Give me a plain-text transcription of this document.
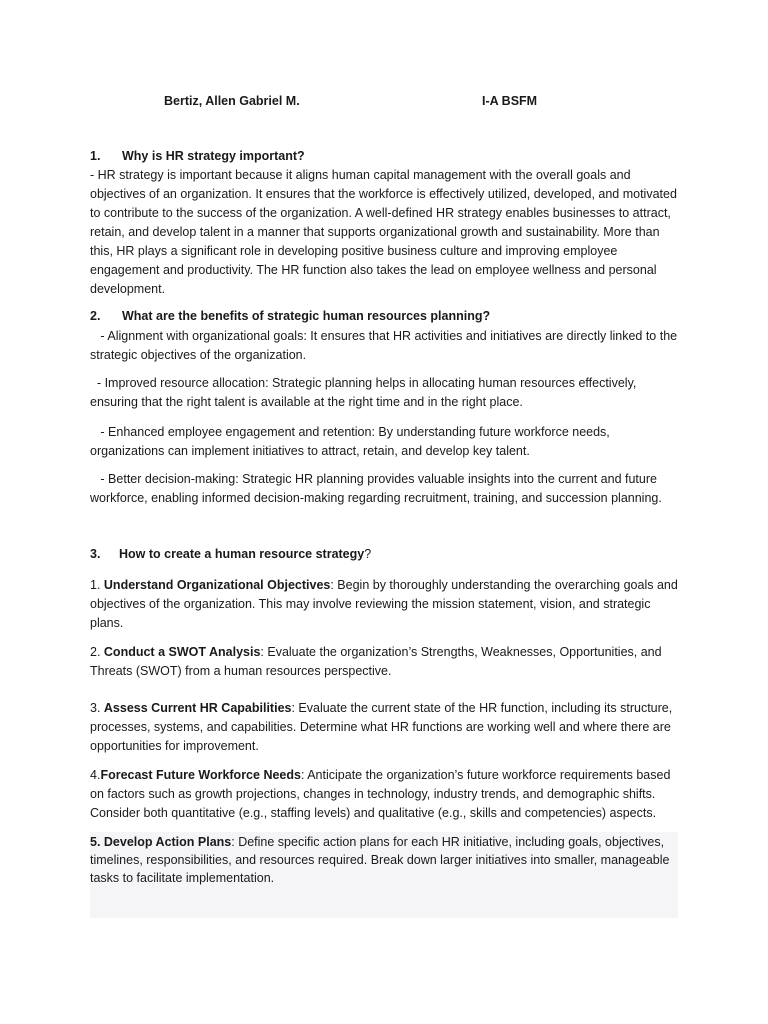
Bertiz, Allen Gabriel M.	I-A BSFM

1. Why is HR strategy important?

- HR strategy is important because it aligns human capital management with the overall goals and objectives of an organization. It ensures that the workforce is effectively utilized, developed, and motivated to contribute to the success of the organization. A well-defined HR strategy enables businesses to attract, retain, and develop talent in a manner that supports organizational growth and sustainability. More than this, HR plays a significant role in developing positive business culture and improving employee engagement and productivity. The HR function also takes the lead on employee wellness and personal development.

2. What are the benefits of strategic human resources planning?

- Alignment with organizational goals: It ensures that HR activities and initiatives are directly linked to the strategic objectives of the organization.

- Improved resource allocation: Strategic planning helps in allocating human resources effectively, ensuring that the right talent is available at the right time and in the right place.

- Enhanced employee engagement and retention: By understanding future workforce needs, organizations can implement initiatives to attract, retain, and develop key talent.

- Better decision-making: Strategic HR planning provides valuable insights into the current and future workforce, enabling informed decision-making regarding recruitment, training, and succession planning.

3. How to create a human resource strategy?

1. Understand Organizational Objectives: Begin by thoroughly understanding the overarching goals and objectives of the organization. This may involve reviewing the mission statement, vision, and strategic plans.

2. Conduct a SWOT Analysis: Evaluate the organization’s Strengths, Weaknesses, Opportunities, and Threats (SWOT) from a human resources perspective.

3. Assess Current HR Capabilities: Evaluate the current state of the HR function, including its structure, processes, systems, and capabilities. Determine what HR functions are working well and where there are opportunities for improvement.

4.Forecast Future Workforce Needs: Anticipate the organization’s future workforce requirements based on factors such as growth projections, changes in technology, industry trends, and demographic shifts. Consider both quantitative (e.g., staffing levels) and qualitative (e.g., skills and competencies) aspects.

5. Develop Action Plans: Define specific action plans for each HR initiative, including goals, objectives, timelines, responsibilities, and resources required. Break down larger initiatives into smaller, manageable tasks to facilitate implementation.
